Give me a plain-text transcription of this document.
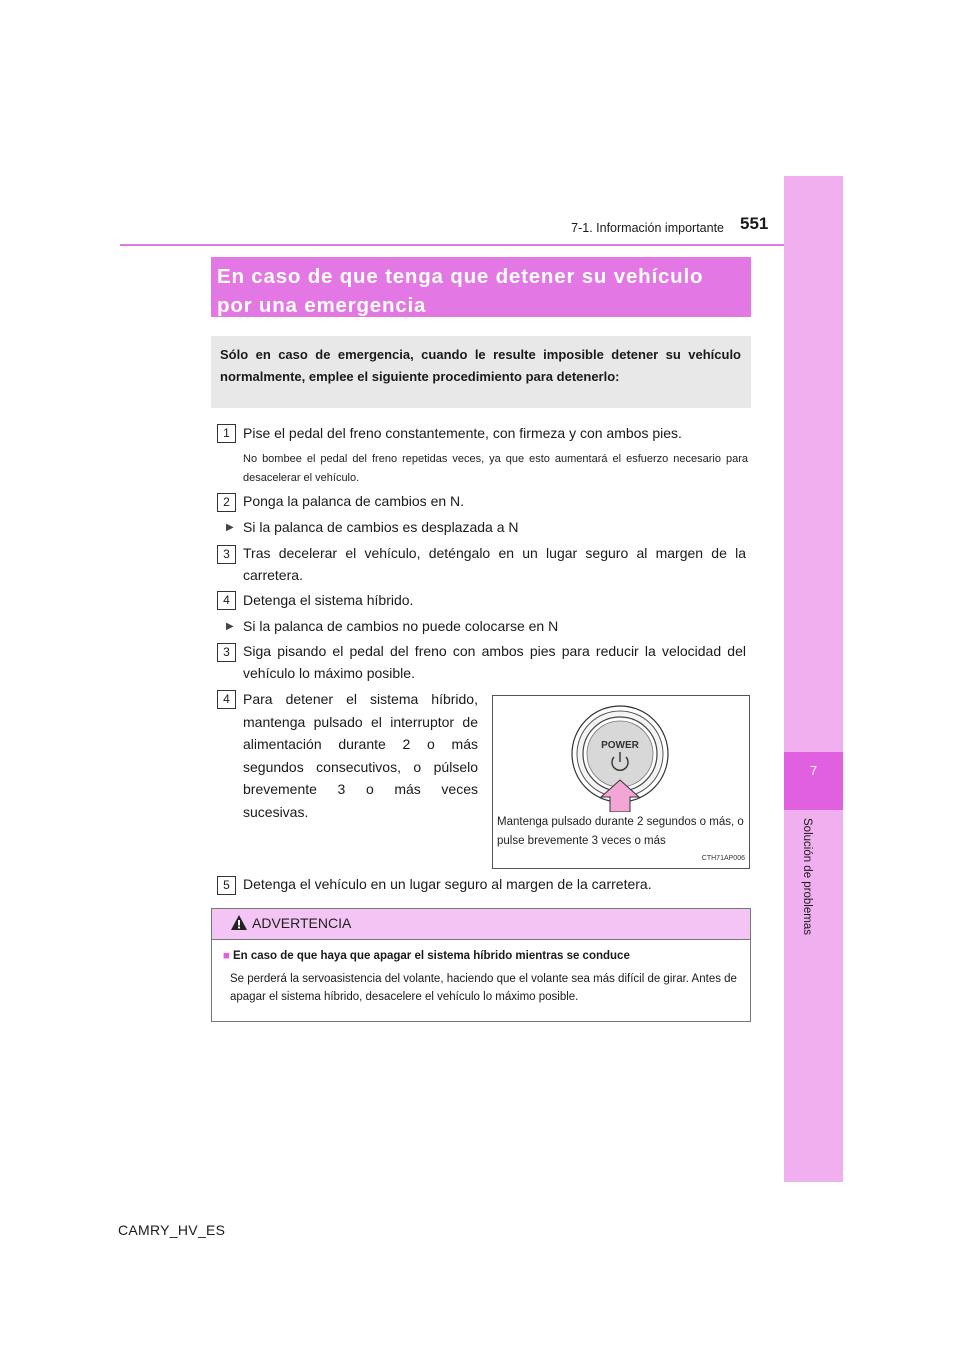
7
Solución de problemas
7-1. Información importante 551
En caso de que tenga que detener su vehículo por una emergencia
Sólo en caso de emergencia, cuando le resulte imposible detener su vehículo normalmente, emplee el siguiente procedimiento para detenerlo:
1 Pise el pedal del freno constantemente, con firmeza y con ambos pies.
No bombee el pedal del freno repetidas veces, ya que esto aumentará el esfuerzo necesario para desacelerar el vehículo.
2 Ponga la palanca de cambios en N.
▶ Si la palanca de cambios es desplazada a N
3 Tras decelerar el vehículo, deténgalo en un lugar seguro al margen de la carretera.
4 Detenga el sistema híbrido.
▶ Si la palanca de cambios no puede colocarse en N
3 Siga pisando el pedal del freno con ambos pies para reducir la velocidad del vehículo lo máximo posible.
4 Para detener el sistema híbrido, mantenga pulsado el interruptor de alimentación durante 2 o más segundos consecutivos, o púlselo brevemente 3 o más veces sucesivas.
POWER
Mantenga pulsado durante 2 segundos o más, o pulse brevemente 3 veces o más
CTH71AP006
5 Detenga el vehículo en un lugar seguro al margen de la carretera.
ADVERTENCIA
■ En caso de que haya que apagar el sistema híbrido mientras se conduce
Se perderá la servoasistencia del volante, haciendo que el volante sea más difícil de girar. Antes de apagar el sistema híbrido, desacelere el vehículo lo máximo posible.
CAMRY_HV_ES
